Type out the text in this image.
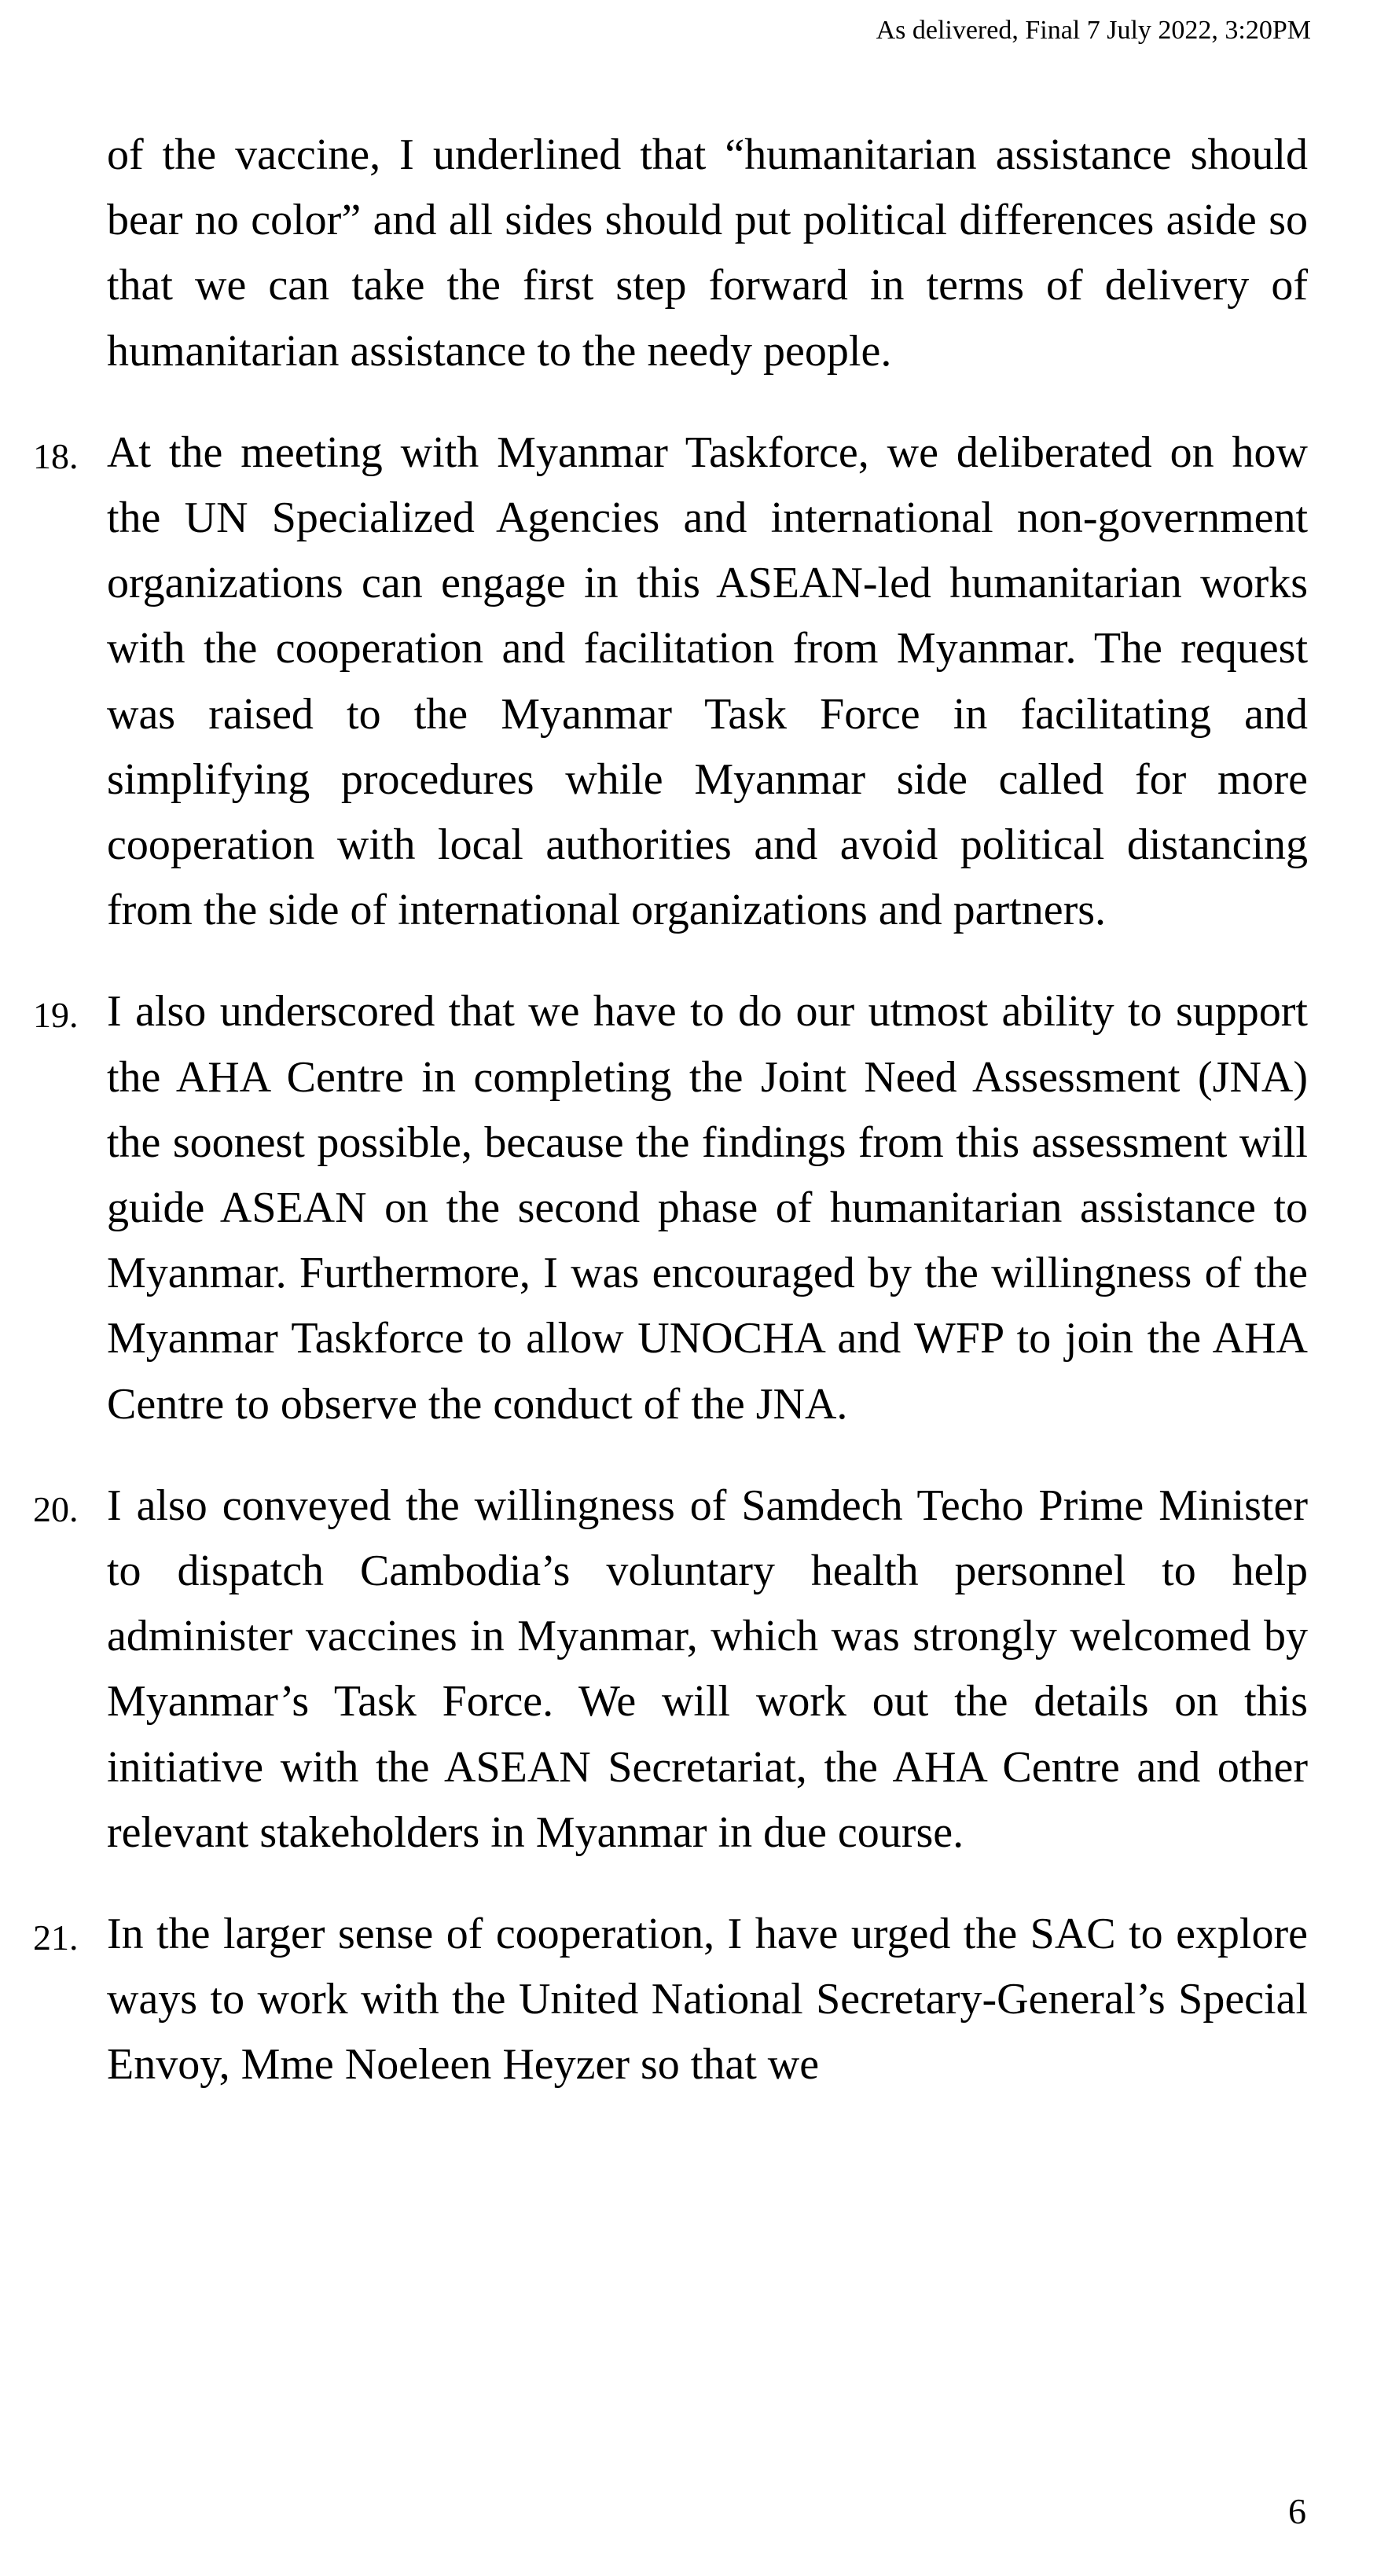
As delivered, Final 7 July 2022, 3:20PM

of the vaccine, I underlined that “humanitarian assistance should bear no color” and all sides should put political differences aside so that we can take the first step forward in terms of delivery of humanitarian assistance to the needy people.

18. At the meeting with Myanmar Taskforce, we deliberated on how the UN Specialized Agencies and international non-government organizations can engage in this ASEAN-led humanitarian works with the cooperation and facilitation from Myanmar. The request was raised to the Myanmar Task Force in facilitating and simplifying procedures while Myanmar side called for more cooperation with local authorities and avoid political distancing from the side of international organizations and partners.

19. I also underscored that we have to do our utmost ability to support the AHA Centre in completing the Joint Need Assessment (JNA) the soonest possible, because the findings from this assessment will guide ASEAN on the second phase of humanitarian assistance to Myanmar. Furthermore, I was encouraged by the willingness of the Myanmar Taskforce to allow UNOCHA and WFP to join the AHA Centre to observe the conduct of the JNA.

20. I also conveyed the willingness of Samdech Techo Prime Minister to dispatch Cambodia’s voluntary health personnel to help administer vaccines in Myanmar, which was strongly welcomed by Myanmar’s Task Force. We will work out the details on this initiative with the ASEAN Secretariat, the AHA Centre and other relevant stakeholders in Myanmar in due course.

21. In the larger sense of cooperation, I have urged the SAC to explore ways to work with the United National Secretary-General’s Special Envoy, Mme Noeleen Heyzer so that we

6
